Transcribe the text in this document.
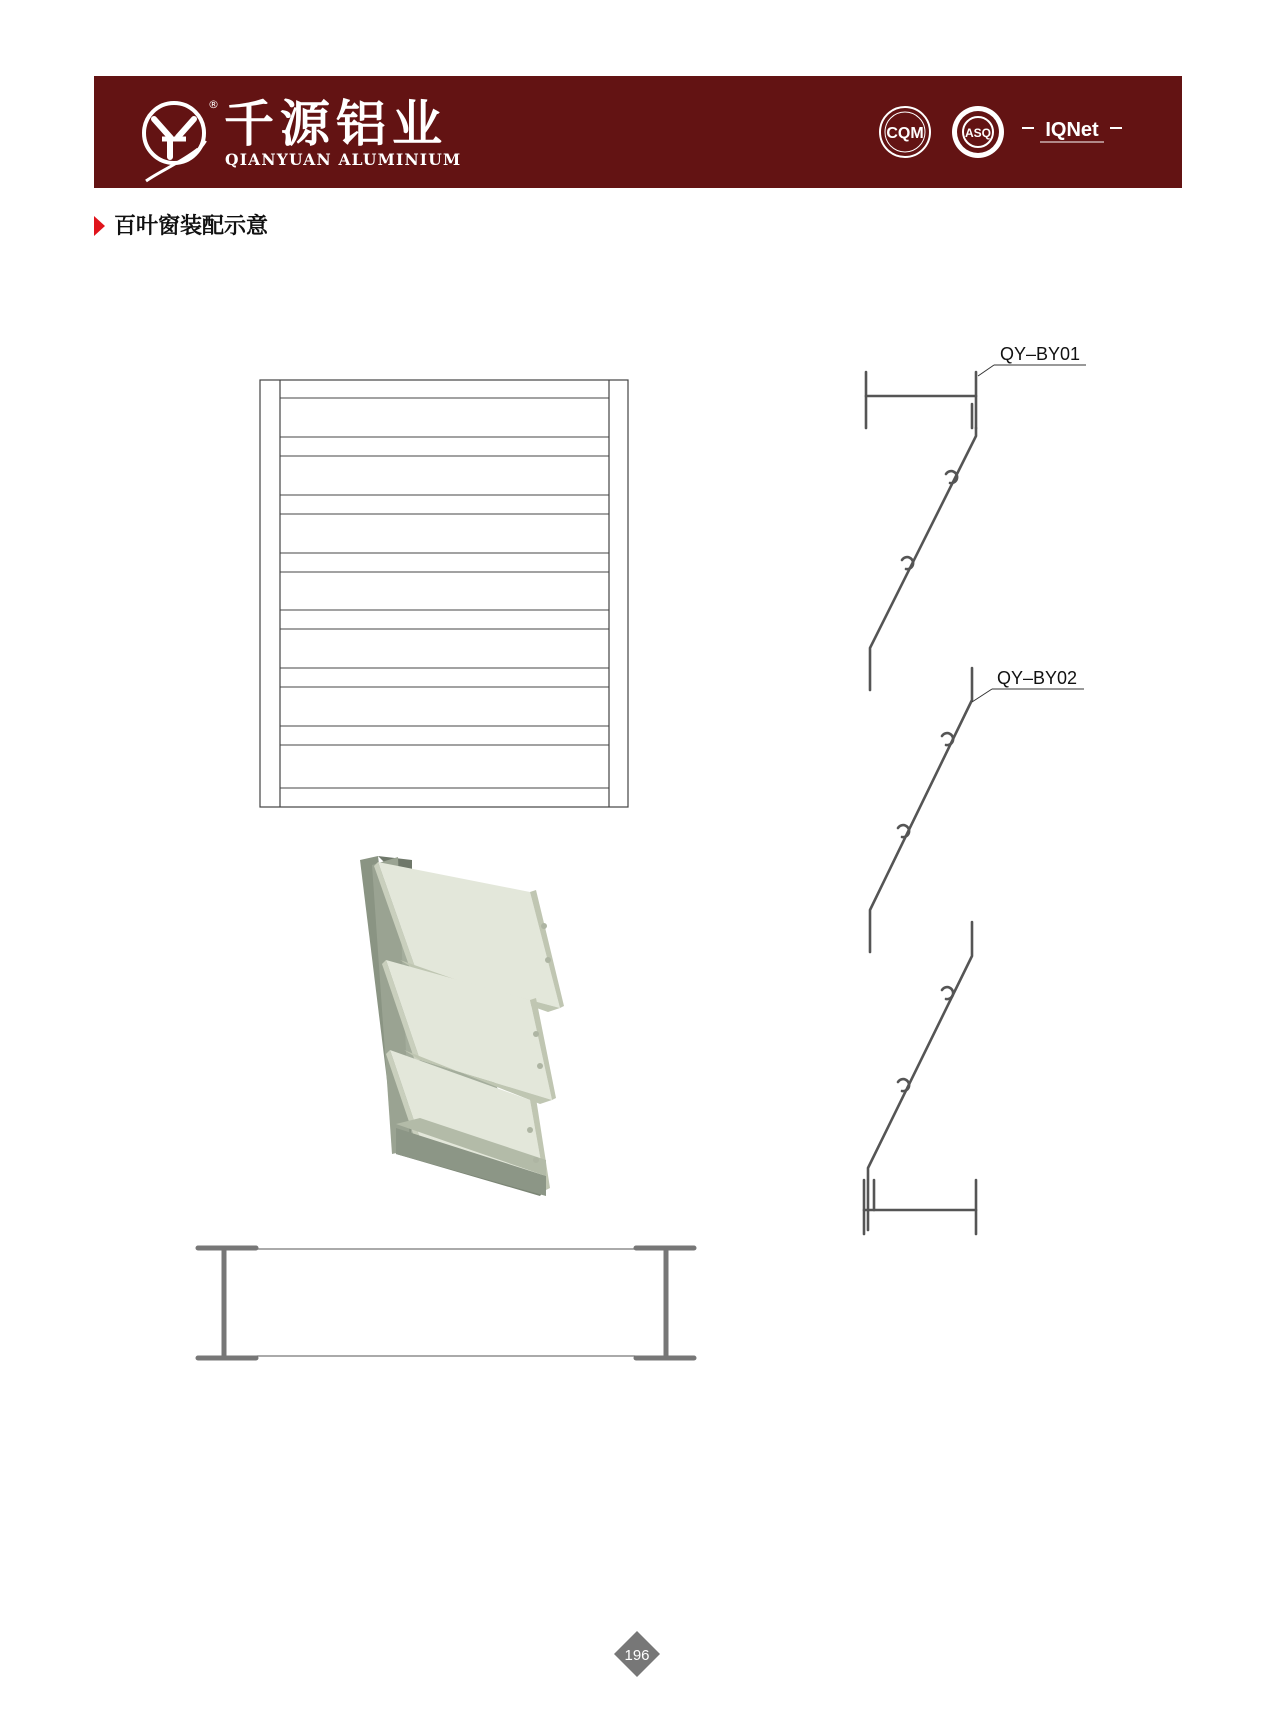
® 千源铝业
QIANYUAN ALUMINIUM
CQM	ASQ	IQNet
百叶窗装配示意
QY–BY01
QY–BY02
196
